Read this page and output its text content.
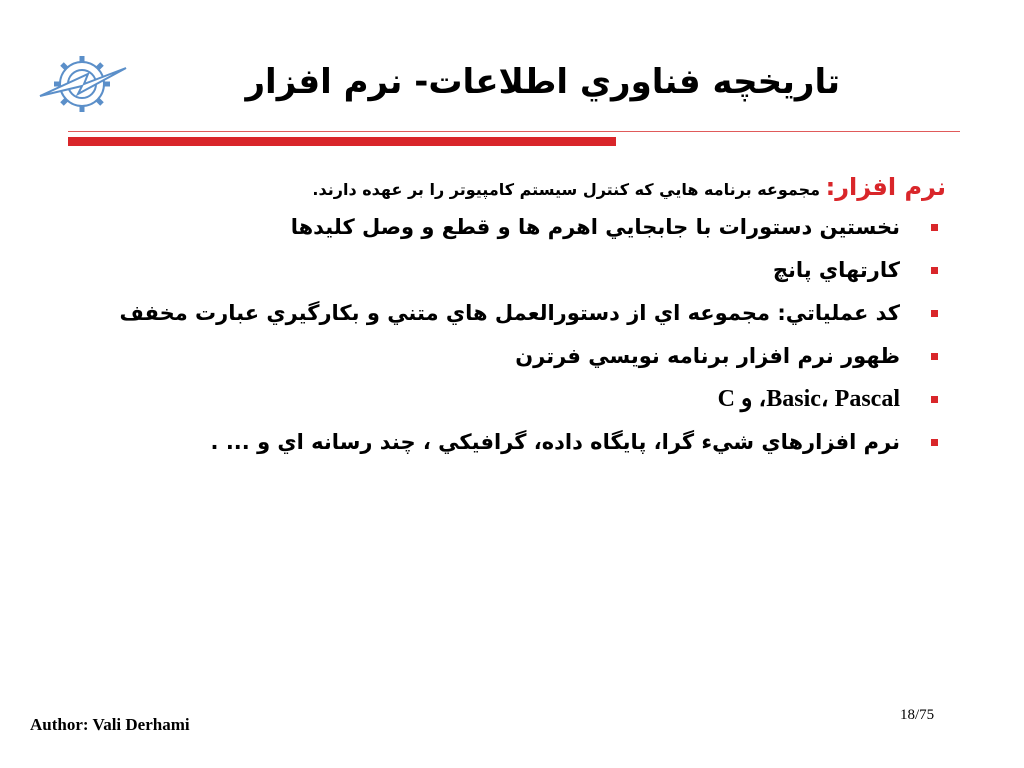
تاريخچه فناوري اطلاعات- نرم افزار
نرم افزار: مجموعه برنامه هايي که کنترل سيستم کامپيوتر را بر عهده دارند.
نخستين دستورات با جابجايي اهرم ها و قطع و وصل کليدها
کارتهاي پانچ
کد عملياتي: مجموعه اي از دستورالعمل هاي متني و بکارگيري عبارت مخفف
ظهور نرم افزار برنامه نويسي فرترن
Basic، Pascal، و C
نرم افزارهاي شيء گرا، پايگاه داده، گرافيکي ، چند رسانه اي و ... .
Author: Vali Derhami	18/75
